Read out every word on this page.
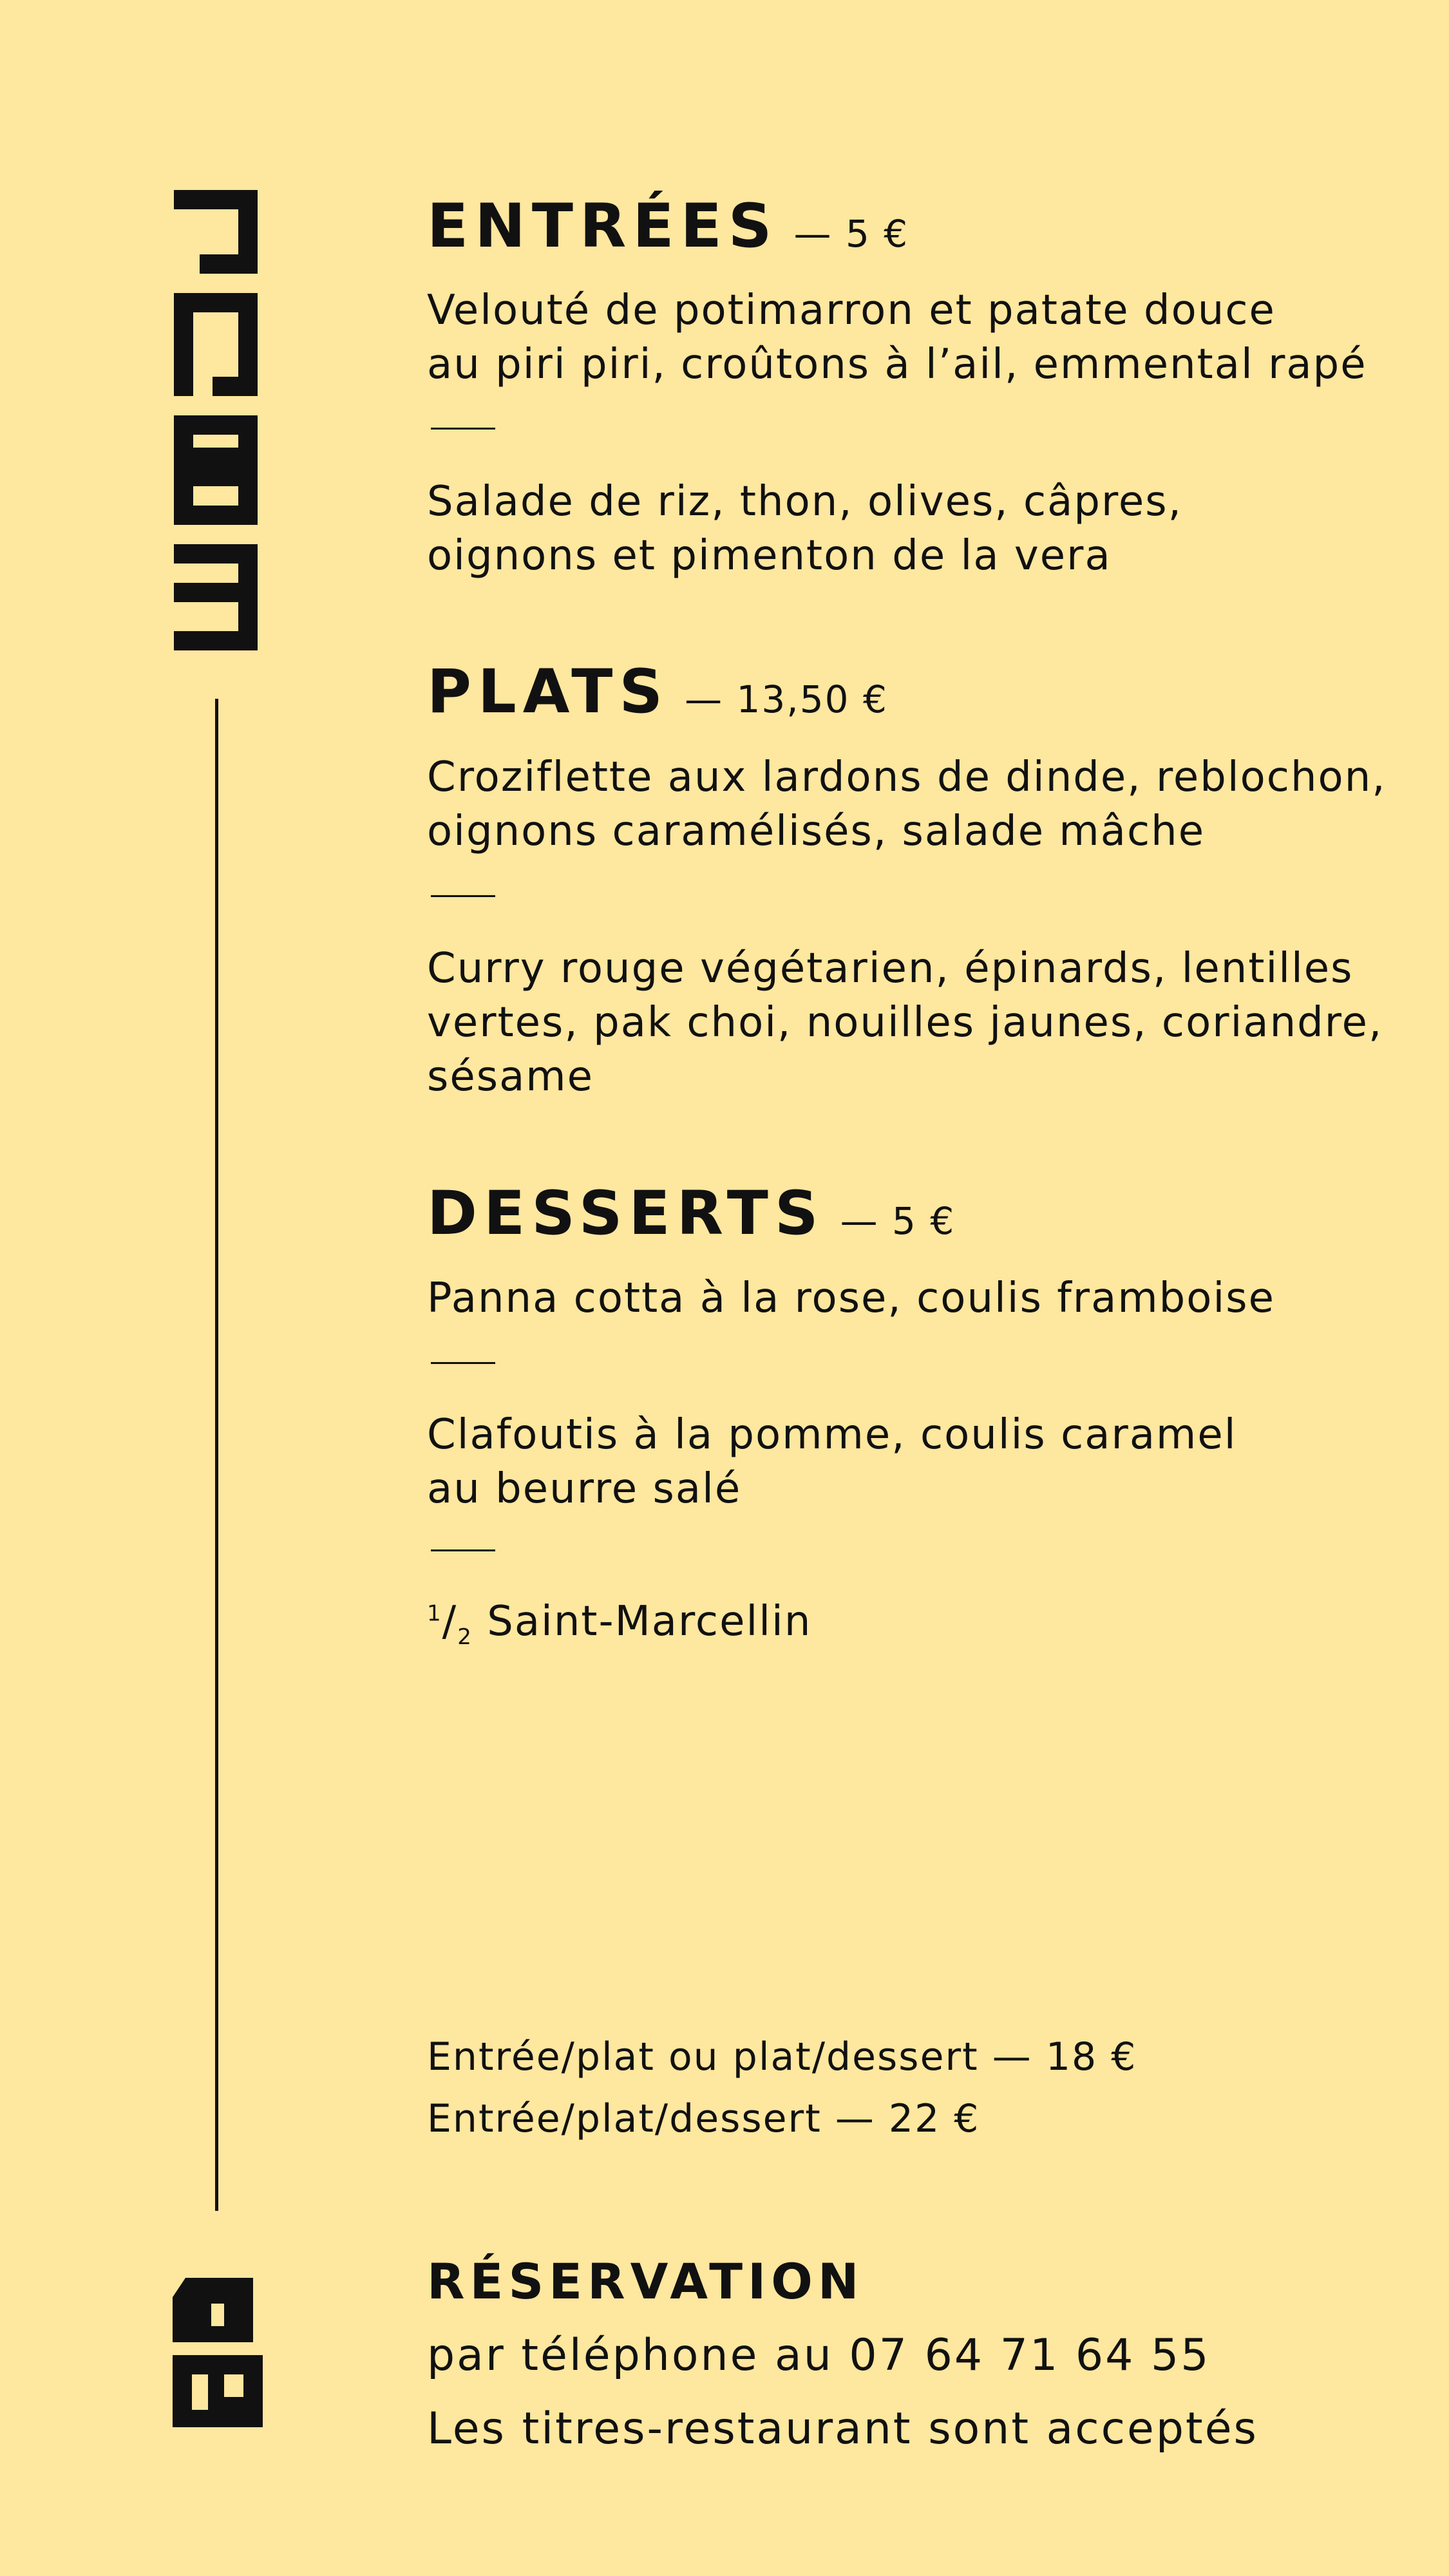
ENTRÉES — 5 €

Velouté de potimarron et patate douce
au piri piri, croûtons à l’ail, emmental rapé

Salade de riz, thon, olives, câpres,
oignons et pimenton de la vera

PLATS — 13,50 €

Croziflette aux lardons de dinde, reblochon,
oignons caramélisés, salade mâche

Curry rouge végétarien, épinards, lentilles
vertes, pak choi, nouilles jaunes, coriandre,
sésame

DESSERTS — 5 €

Panna cotta à la rose, coulis framboise

Clafoutis à la pomme, coulis caramel
au beurre salé

$^1/_2$ Saint-Marcellin
Entrée/plat ou plat/dessert — 18 €
Entrée/plat/dessert — 22 €
RÉSERVATION
par téléphone au 07 64 71 64 55
Les titres-restaurant sont acceptés
